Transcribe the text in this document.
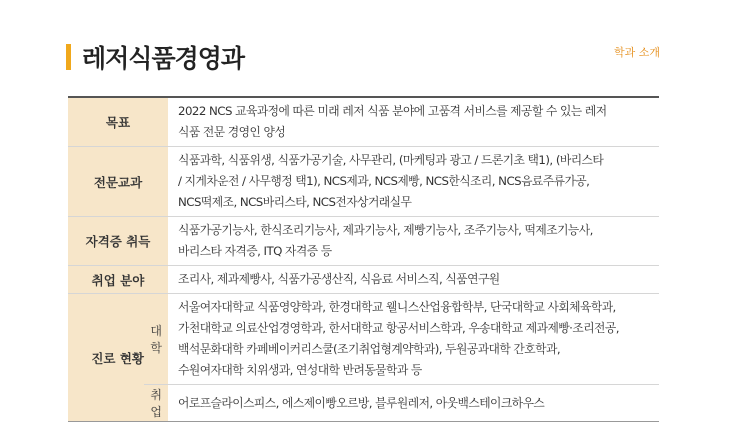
레저식품경영과	학과 소개
목표		2022 NCS 교육과정에 따른 미래 레저 식품 분야에 고품격 서비스를 제공할 수 있는 레저
식품 전문 경영인 양성
전문교과		식품과학, 식품위생, 식품가공기술, 사무관리, (마케팅과 광고 / 드론기초 택1), (바리스타
/ 지게차운전 / 사무행정 택1), NCS제과, NCS제빵, NCS한식조리, NCS음료주류가공,
NCS떡제조, NCS바리스타, NCS전자상거래실무
자격증 취득		식품가공기능사, 한식조리기능사, 제과기능사, 제빵기능사, 조주기능사, 떡제조기능사,
바리스타 자격증, ITQ 자격증 등
취업 분야		조리사, 제과제빵사, 식품가공생산직, 식음료 서비스직, 식품연구원
진로 현황	대학	서울여자대학교 식품영양학과, 한경대학교 웰니스산업융합학부, 단국대학교 사회체육학과,
가천대학교 의료산업경영학과, 한서대학교 항공서비스학과, 우송대학교 제과제빵·조리전공,
백석문화대학 카페베이커리스쿨(조기취업형계약학과), 두원공과대학 간호학과,
수원여자대학 치위생과, 연성대학 반려동물학과 등
	취업	어로프슬라이스피스, 에스제이빵오르방, 블루원레저, 아웃백스테이크하우스
